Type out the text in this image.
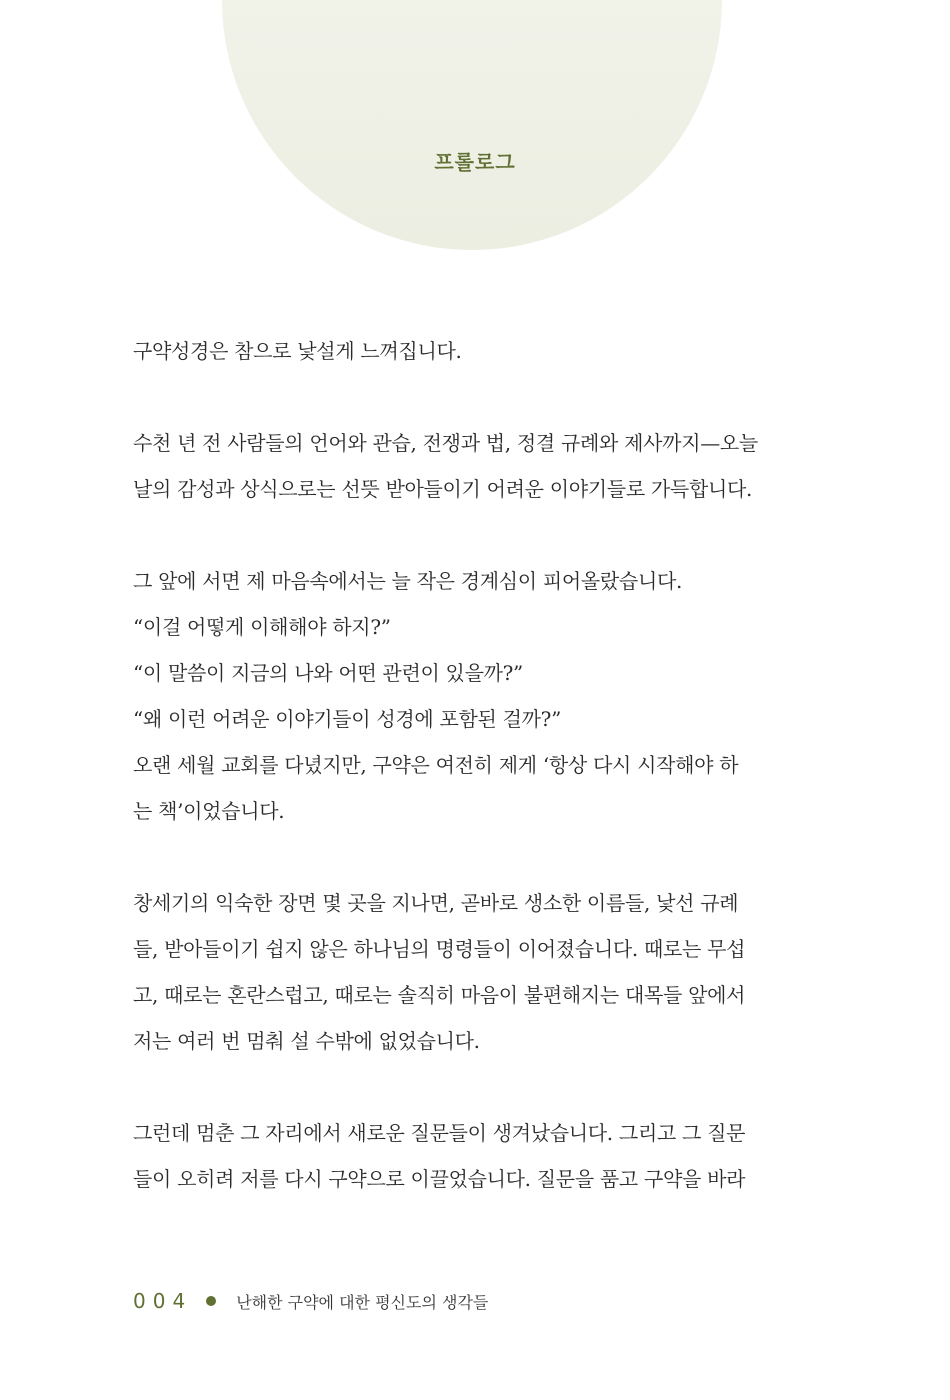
프롤로그

구약성경은 참으로 낯설게 느껴집니다.

수천 년 전 사람들의 언어와 관습, 전쟁과 법, 정결 규례와 제사까지—오늘

날의 감성과 상식으로는 선뜻 받아들이기 어려운 이야기들로 가득합니다.

그 앞에 서면 제 마음속에서는 늘 작은 경계심이 피어올랐습니다.

“이걸 어떻게 이해해야 하지?”

“이 말씀이 지금의 나와 어떤 관련이 있을까?”

“왜 이런 어려운 이야기들이 성경에 포함된 걸까?”

오랜 세월 교회를 다녔지만, 구약은 여전히 제게 ‘항상 다시 시작해야 하

는 책’이었습니다.

창세기의 익숙한 장면 몇 곳을 지나면, 곧바로 생소한 이름들, 낯선 규례

들, 받아들이기 쉽지 않은 하나님의 명령들이 이어졌습니다. 때로는 무섭

고, 때로는 혼란스럽고, 때로는 솔직히 마음이 불편해지는 대목들 앞에서

저는 여러 번 멈춰 설 수밖에 없었습니다.

그런데 멈춘 그 자리에서 새로운 질문들이 생겨났습니다. 그리고 그 질문

들이 오히려 저를 다시 구약으로 이끌었습니다. 질문을 품고 구약을 바라

004	난해한 구약에 대한 평신도의 생각들
